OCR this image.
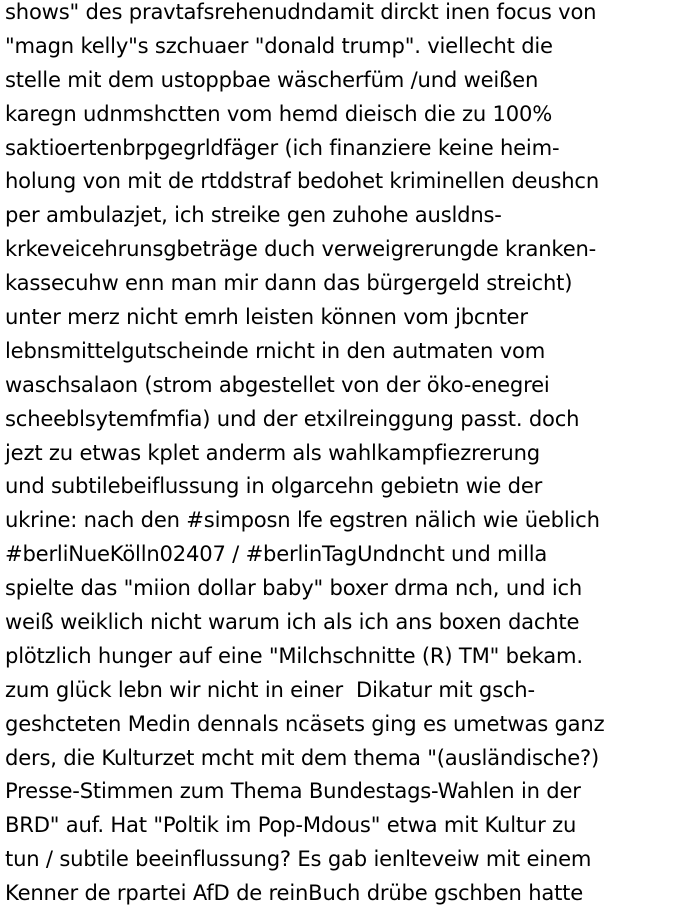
shows" des pravtafsrehenudndamit dirckt inen focus von
"magn kelly"s szchuaer "donald trump". viellecht die
stelle mit dem ustoppbae wäscherfüm /und weißen
karegn udnmshctten vom hemd dieisch die zu 100%
saktioertenbrpgegrldfäger (ich finanziere keine heim-
holung von mit de rtddstraf bedohet kriminellen deushcn
per ambulazjet, ich streike gen zuhohe ausldns-
krkeveicehrunsgbeträge duch verweigrerungde kranken-
kassecuhw enn man mir dann das bürgergeld streicht)
unter merz nicht emrh leisten können vom jbcnter
lebnsmittelgutscheinde rnicht in den autmaten vom
waschsalaon (strom abgestellet von der öko-enegrei
scheeblsytemfmfia) und der etxilreinggung passt. doch
jezt zu etwas kplet anderm als wahlkampfiezrerung
und subtilebeiflussung in olgarcehn gebietn wie der
ukrine: nach den #simposn lfe egstren nälich wie üeblich
#berliNueKölln02407 / #berlinTagUndncht und milla
spielte das "miion dollar baby" boxer drma nch, und ich
weiß weiklich nicht warum ich als ich ans boxen dachte
plötzlich hunger auf eine "Milchschnitte (R) TM" bekam.
zum glück lebn wir nicht in einer  Dikatur mit gsch-
geshcteten Medin dennals ncäsets ging es umetwas ganz
ders, die Kulturzet mcht mit dem thema "(ausländische?)
Presse-Stimmen zum Thema Bundestags-Wahlen in der
BRD" auf. Hat "Poltik im Pop-Mdous" etwa mit Kultur zu
tun / subtile beeinflussung? Es gab ienlteveiw mit einem
Kenner de rpartei AfD de reinBuch drübe gschben hatte
